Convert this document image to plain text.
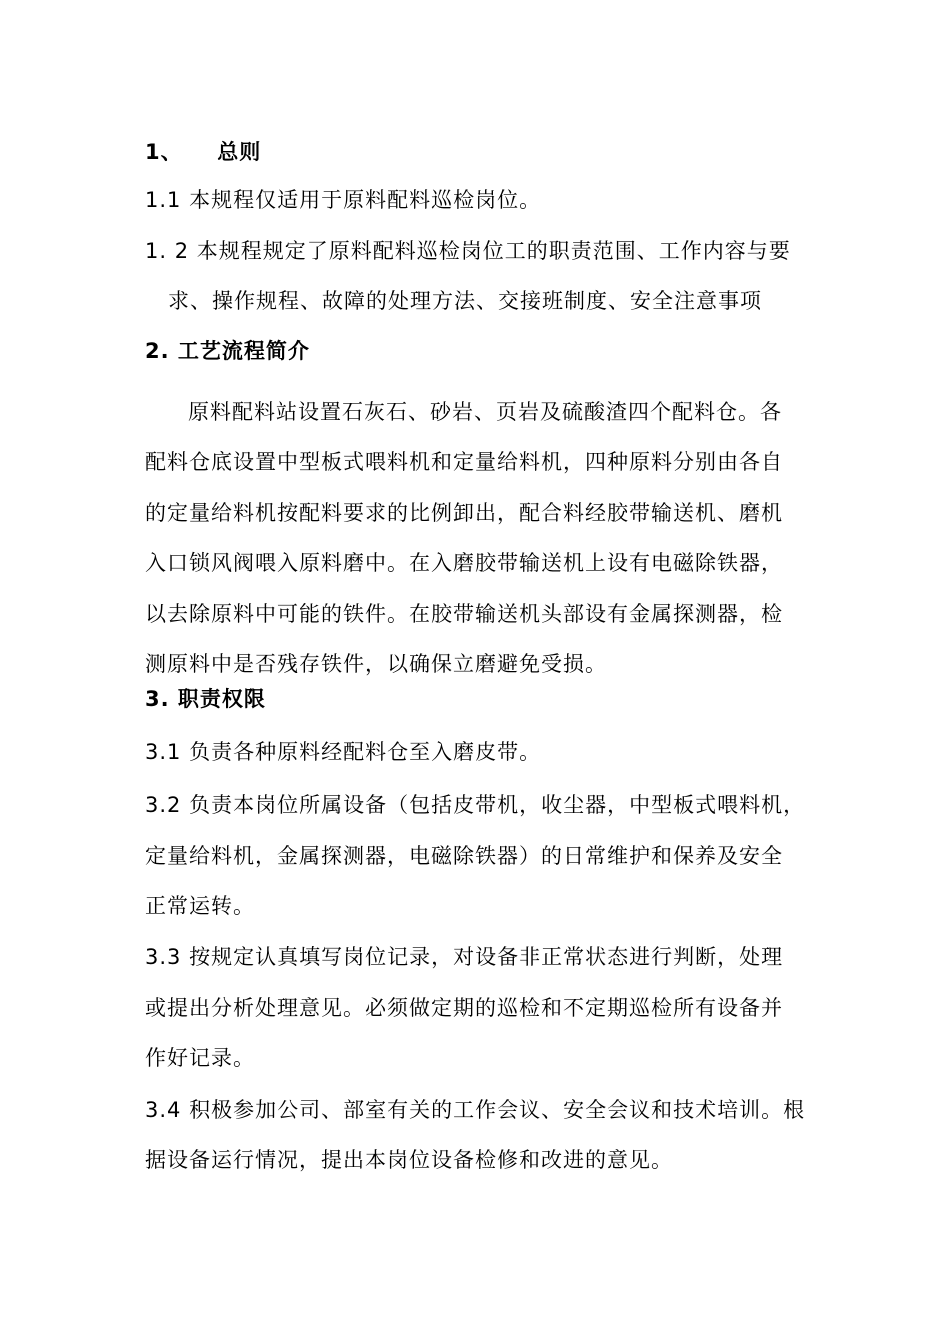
1、 总则
1.1 本规程仅适用于原料配料巡检岗位。
1. 2 本规程规定了原料配料巡检岗位工的职责范围、工作内容与要
求、操作规程、故障的处理方法、交接班制度、安全注意事项
2. 工艺流程简介
原料配料站设置石灰石、砂岩、页岩及硫酸渣四个配料仓。各
配料仓底设置中型板式喂料机和定量给料机，四种原料分别由各自
的定量给料机按配料要求的比例卸出，配合料经胶带输送机、磨机
入口锁风阀喂入原料磨中。在入磨胶带输送机上设有电磁除铁器，
以去除原料中可能的铁件。在胶带输送机头部设有金属探测器，检
测原料中是否残存铁件，以确保立磨避免受损。
3. 职责权限
3.1 负责各种原料经配料仓至入磨皮带。
3.2 负责本岗位所属设备（包括皮带机，收尘器，中型板式喂料机，
定量给料机，金属探测器，电磁除铁器）的日常维护和保养及安全
正常运转。
3.3 按规定认真填写岗位记录，对设备非正常状态进行判断，处理
或提出分析处理意见。必须做定期的巡检和不定期巡检所有设备并
作好记录。
3.4 积极参加公司、部室有关的工作会议、安全会议和技术培训。根
据设备运行情况，提出本岗位设备检修和改进的意见。
